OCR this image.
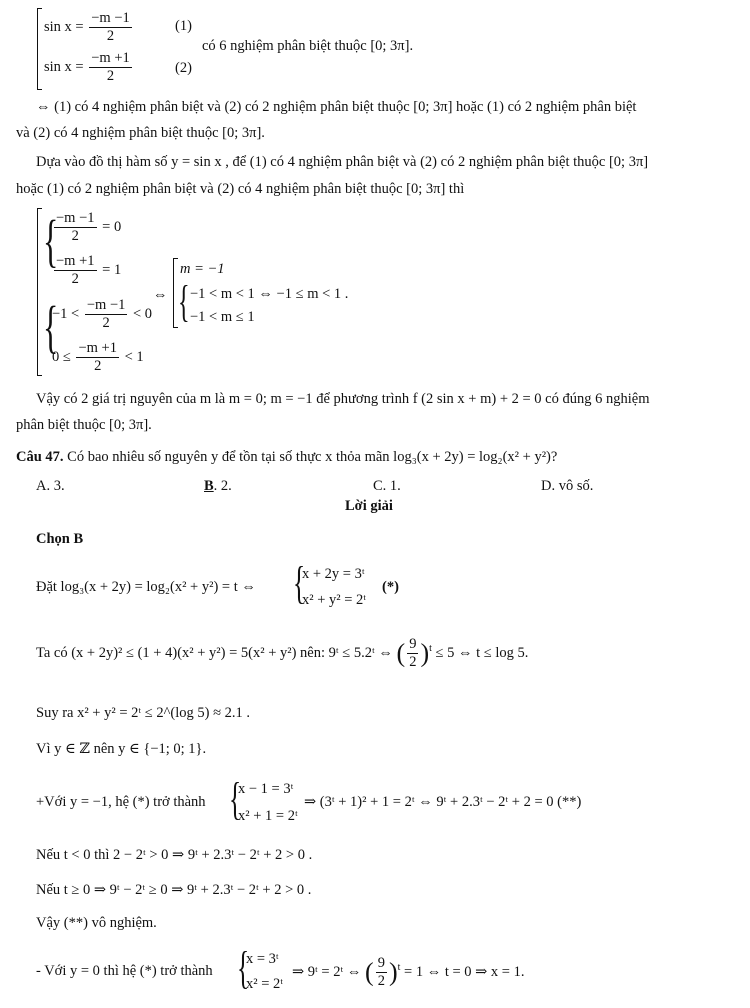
$\sin x = \frac{-m -1}{2}$	(1)
$\sin x = \frac{-m +1}{2}$	(2)
có 6 nghiệm phân biệt thuộc [0; 3π].
⇔ (1) có 4 nghiệm phân biệt và (2) có 2 nghiệm phân biệt thuộc [0; 3π] hoặc (1) có 2 nghiệm phân biệt
và (2) có 4 nghiệm phân biệt thuộc [0; 3π].
Dựa vào đồ thị hàm số y = sin x , để (1) có 4 nghiệm phân biệt và (2) có 2 nghiệm phân biệt thuộc [0; 3π]
hoặc (1) có 2 nghiệm phân biệt và (2) có 4 nghiệm phân biệt thuộc [0; 3π] thì
{
$\frac{-m -1}{2} = 0$
$\frac{-m +1}{2} = 1$
{
$-1 < \frac{-m -1}{2} < 0$
$0 \le \frac{-m +1}{2} < 1$
⇔
m = −1
{ −1 < m < 1 ⇔ −1 ≤ m < 1 .
−1 < m ≤ 1
Vậy có 2 giá trị nguyên của m là m = 0; m = −1 để phương trình f (2 sin x + m) + 2 = 0 có đúng 6 nghiệm
phân biệt thuộc [0; 3π].
Câu 47. Có bao nhiêu số nguyên y để tồn tại số thực x thỏa mãn log₃(x + 2y) = log₂(x² + y²)?
A. 3.	B. 2.	C. 1.	D. vô số.
Lời giải
Chọn B
Đặt log₃(x + 2y) = log₂(x² + y²) = t ⇔ {
x + 2y = 3ᵗ
x² + y² = 2ᵗ
(*)
Ta có (x + 2y)² ≤ (1 + 4)(x² + y²) = 5(x² + y²) nên: 9ᵗ ≤ 5.2ᵗ ⇔ ( $\frac{9}{2} )^t \le 5$ ⇔ t ≤ log 5.
Suy ra x² + y² = 2ᵗ ≤ 2^(log 5) ≈ 2.1 .
Vì y ∈ ℤ nên y ∈ {−1; 0; 1}.
+Với y = −1, hệ (*) trở thành {
x − 1 = 3ᵗ
x² + 1 = 2ᵗ
⇒ (3ᵗ + 1)² + 1 = 2ᵗ ⇔ 9ᵗ + 2.3ᵗ − 2ᵗ + 2 = 0 (**)
Nếu t < 0 thì 2 − 2ᵗ > 0 ⇒ 9ᵗ + 2.3ᵗ − 2ᵗ + 2 > 0 .
Nếu t ≥ 0 ⇒ 9ᵗ − 2ᵗ ≥ 0 ⇒ 9ᵗ + 2.3ᵗ − 2ᵗ + 2 > 0 .
Vậy (**) vô nghiệm.
- Với y = 0 thì hệ (*) trở thành {
x = 3ᵗ
x² = 2ᵗ
⇒ 9ᵗ = 2ᵗ ⇔ ( $\frac{9}{2} )^t = 1$ ⇔ t = 0 ⇒ x = 1.
